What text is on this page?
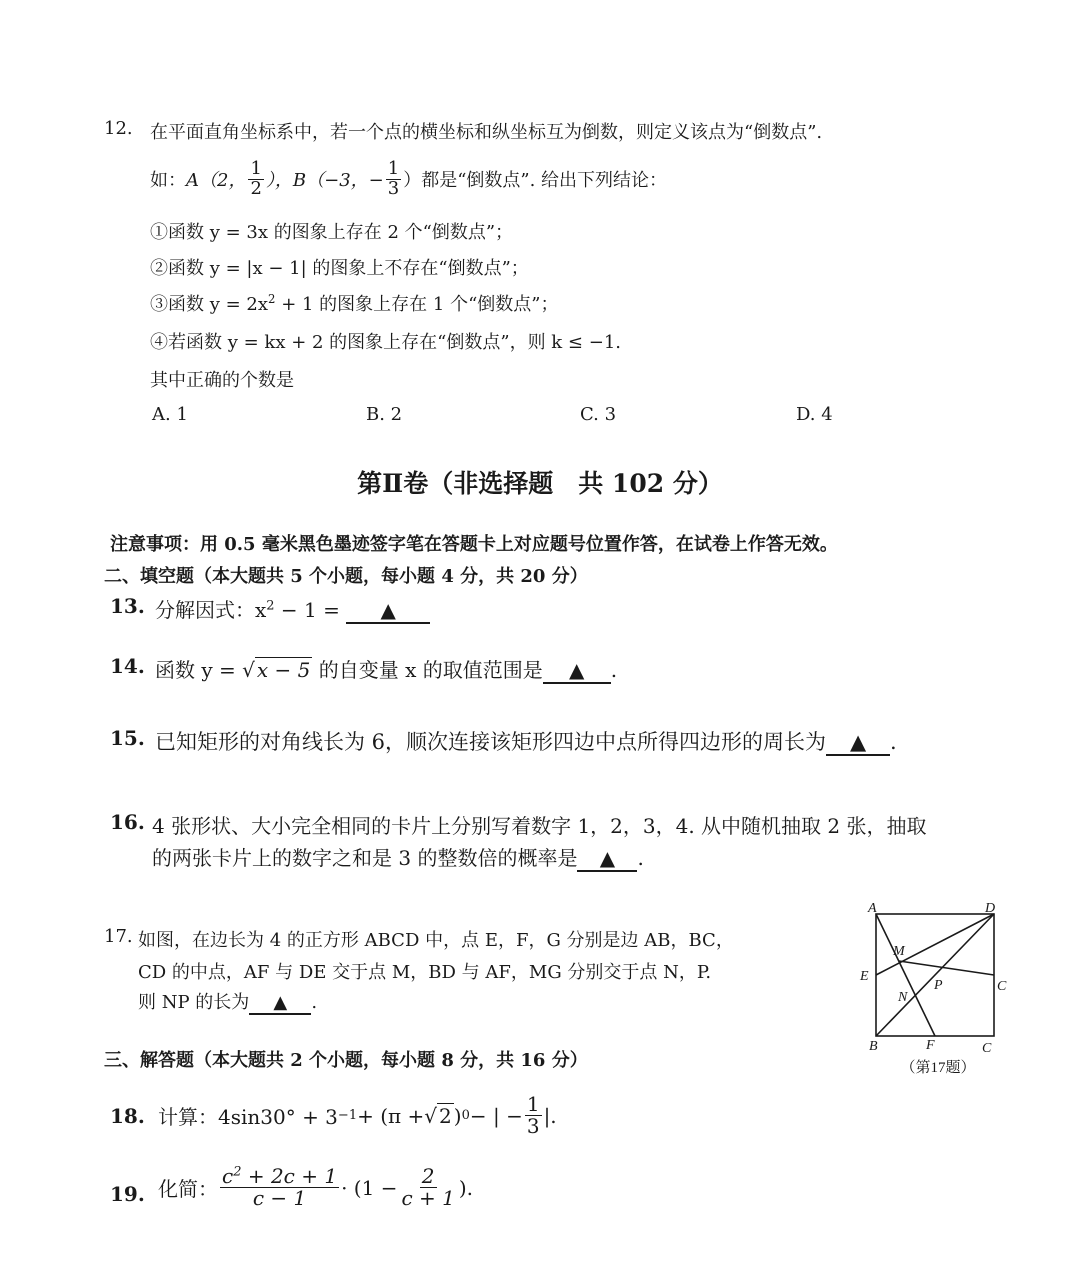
12. 在平面直角坐标系中，若一个点的横坐标和纵坐标互为倒数，则定义该点为“倒数点”.
如： A（2， $\frac{1}{2}$ ），B（−3，− $\frac{1}{3}$ ）都是“倒数点”. 给出下列结论：
①函数 y = 3x 的图象上存在 2 个“倒数点”；
②函数 y = |x − 1| 的图象上不存在“倒数点”；
③函数 $y = 2x^2 + 1$ 的图象上存在 1 个“倒数点”；
④若函数 y = kx + 2 的图象上存在“倒数点”，则 k ≤ −1.
其中正确的个数是
A. 1	B. 2	C. 3	D. 4
第Ⅱ卷（非选择题　共 102 分）
注意事项：用 0.5 毫米黑色墨迹签字笔在答题卡上对应题号位置作答，在试卷上作答无效。
二、填空题（本大题共 5 个小题，每小题 4 分，共 20 分）
13. 分解因式：$x^2 - 1$ = ▲
14. 函数 y = √ x − 5 的自变量 x 的取值范围是 ▲ .
15. 已知矩形的对角线长为 6，顺次连接该矩形四边中点所得四边形的周长为 ▲ .
16. 4 张形状、大小完全相同的卡片上分别写着数字 1，2，3，4. 从中随机抽取 2 张，抽取
的两张卡片上的数字之和是 3 的整数倍的概率是 ▲ .
17. 如图，在边长为 4 的正方形 ABCD 中，点 E，F，G 分别是边 AB，BC，
CD 的中点，AF 与 DE 交于点 M，BD 与 AF，MG 分别交于点 N，P.
则 NP 的长为 ▲ .
A	D
E
C
B	F	C
M
N
P
（第17题）
三、解答题（本大题共 2 个小题，每小题 8 分，共 16 分）
18. 计算：4sin30° + 3 −1 + (π + √ 2 ) 0 − | − $\frac{1}{3}$ |.
19. 化简： $\frac{c^2 + 2c + 1}{c - 1} \cdot (1 - \frac{2}{c + 1}$ ).
